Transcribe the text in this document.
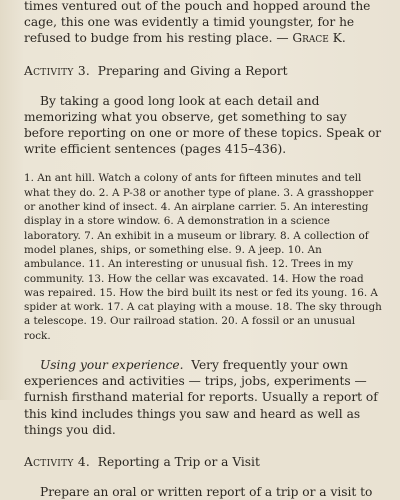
times ventured out of the pouch and hopped around the cage, this one was evidently a timid youngster, for he refused to budge from his resting place. — Grace K.

Activity 3. Preparing and Giving a Report

By taking a good long look at each detail and memorizing what you observe, get something to say before reporting on one or more of these topics. Speak or write efficient sentences (pages 415–436).

1. An ant hill. Watch a colony of ants for fifteen minutes and tell what they do. 2. A P-38 or another type of plane. 3. A grasshopper or another kind of insect. 4. An airplane carrier. 5. An interesting display in a store window. 6. A demonstration in a science laboratory. 7. An exhibit in a museum or library. 8. A collection of model planes, ships, or something else. 9. A jeep. 10. An ambulance. 11. An interesting or unusual fish. 12. Trees in my community. 13. How the cellar was excavated. 14. How the road was repaired. 15. How the bird built its nest or fed its young. 16. A spider at work. 17. A cat playing with a mouse. 18. The sky through a telescope. 19. Our railroad station. 20. A fossil or an unusual rock.

Using your experience. Very frequently your own experiences and activities — trips, jobs, experiments — furnish firsthand material for reports. Usually a report of this kind includes things you saw and heard as well as things you did.

Activity 4. Reporting a Trip or a Visit

Prepare an oral or written report of a trip or a visit to
